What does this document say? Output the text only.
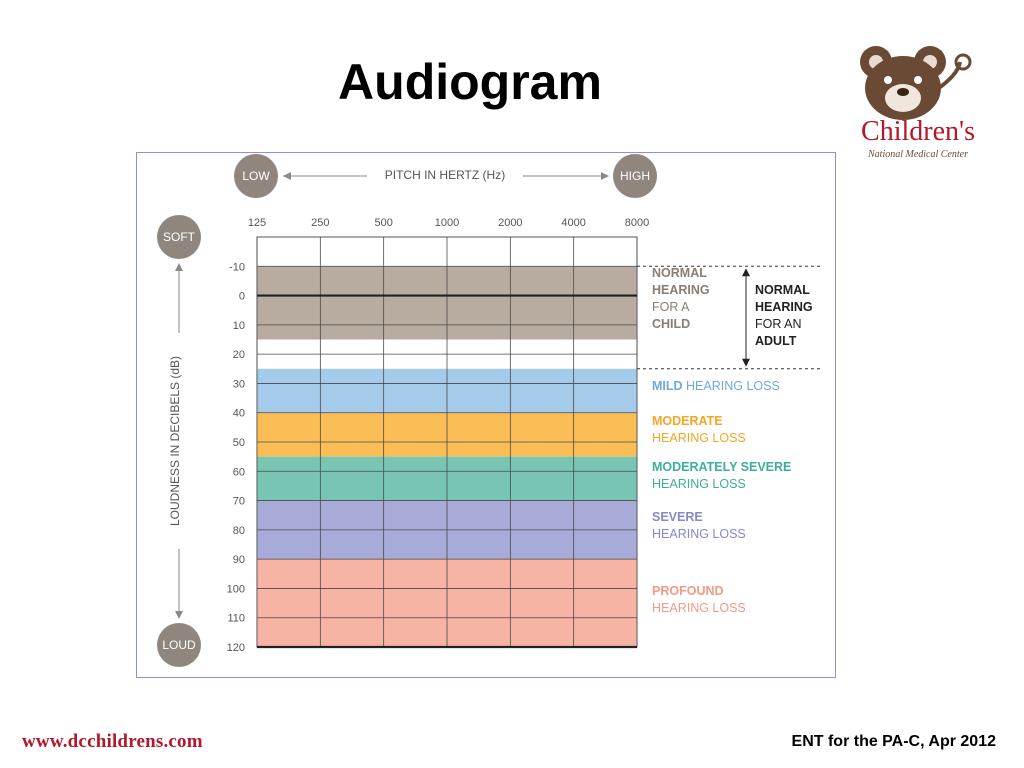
Audiogram
Children's
National Medical Center
-10
0
10
20
30
40
50
60
70
80
90
100
110
120
125	250	500	1000	2000	4000	8000
LOW	HIGH
PITCH IN HERTZ (Hz)
SOFT
LOUD
LOUDNESS IN DECIBELS (dB)
NORMAL
HEARING
FOR A
CHILD
MILD HEARING LOSS
MODERATE
HEARING LOSS
MODERATELY SEVERE
HEARING LOSS
SEVERE
HEARING LOSS
PROFOUND
HEARING LOSS
NORMAL
HEARING
FOR AN
ADULT
www.dcchildrens.com	ENT for the PA-C, Apr 2012
